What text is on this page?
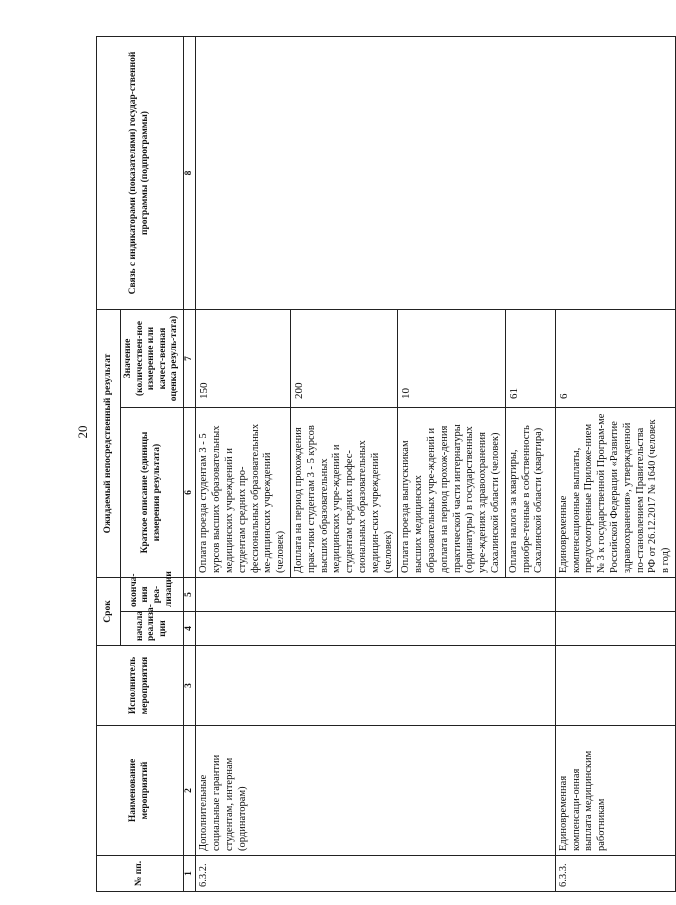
20
№ пп.	Наименование мероприятий	Исполнитель мероприятия	Срок		Ожидаемый непосредственный результат		Связь с индикаторами (показателями) государ-ственной программы (подпрограммы)
			начала реализа-ции	оконча-ния реа-лизации	Краткое описание (единицы измерения результата)	Значение (количествен-ное измерение или качест-венная оценка резуль-тата)	
1	2	3	4	5	6	7	8
6.3.2.	Дополнительные социальные гарантии студентам, интернам (ординаторам)				Оплата проезда студентам 3 - 5 курсов высших образовательных медицинских учреждений и студентам средних про-фессиональных образовательных ме-дицинских учреждений (человек)	150	
					Доплата на период прохождения прак-тики студентам 3 - 5 курсов высших образовательных медицинских учре-ждений и студентам средних профес-сиональных образовательных медицин-ских учреждений (человек)	200	
					Оплата проезда выпускникам высших медицинских образовательных учре-ждений и доплата на период прохож-дения практической части интернатуры (ординатуры) в государственных учре-ждениях здравоохранения Сахалинской области (человек)	10	
					Оплата налога за квартиры, приобре-тенные в собственность Сахалинской области (квартира)	61	
6.3.3.	Единовременная компенсаци-онная выплата медицинским работникам				Единовременные компенсационные выплаты, предусмотренные Приложе-нием № 3 к государственной Програм-ме Российской Федерации «Развитие здравоохранения», утвержденной по-становлением Правительства РФ от 26.12.2017 № 1640 (человек в год)	6	
